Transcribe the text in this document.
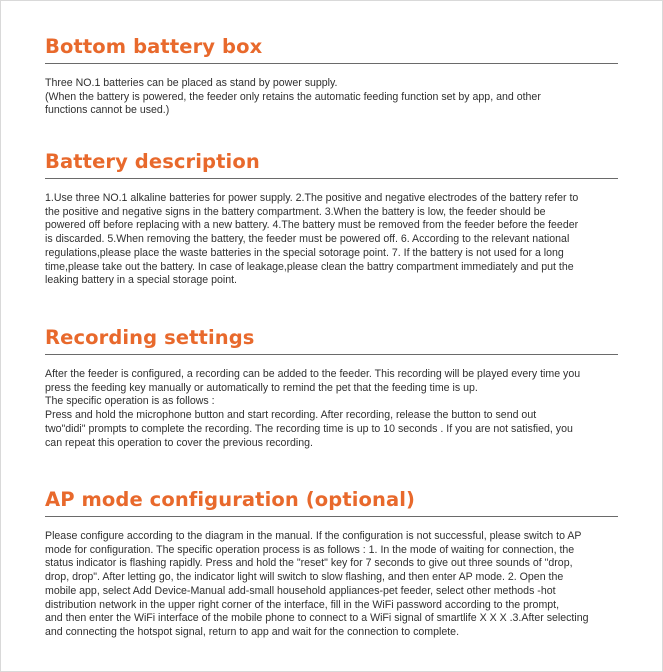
Bottom battery box

Three NO.1 batteries can be placed as stand by power supply.
(When the battery is powered, the feeder only retains the automatic feeding function set by app, and other
functions cannot be used.)

Battery description

1.Use three NO.1 alkaline batteries for power supply. 2.The positive and negative electrodes of the battery refer to
the positive and negative signs in the battery compartment. 3.When the battery is low, the feeder should be
powered off before replacing with a new battery. 4.The battery must be removed from the feeder before the feeder
is discarded. 5.When removing the battery, the feeder must be powered off. 6. According to the relevant national
regulations,please place the waste batteries in the special sotorage point. 7. If the battery is not used for a long
time,please take out the battery. In case of leakage,please clean the battry compartment immediately and put the
leaking battery in a special storage point.

Recording settings

After the feeder is configured, a recording can be added to the feeder. This recording will be played every time you
press the feeding key manually or automatically to remind the pet that the feeding time is up.
The specific operation is as follows :
Press and hold the microphone button and start recording. After recording, release the button to send out
two"didi" prompts to complete the recording. The recording time is up to 10 seconds . If you are not satisfied, you
can repeat this operation to cover the previous recording.

AP mode configuration (optional)

Please configure according to the diagram in the manual. If the configuration is not successful, please switch to AP
mode for configuration. The specific operation process is as follows : 1. In the mode of waiting for connection, the
status indicator is flashing rapidly. Press and hold the "reset" key for 7 seconds to give out three sounds of "drop,
drop, drop". After letting go, the indicator light will switch to slow flashing, and then enter AP mode. 2. Open the
mobile app, select Add Device-Manual add-small household appliances-pet feeder, select other methods -hot
distribution network in the upper right corner of the interface, fill in the WiFi password according to the prompt,
and then enter the WiFi interface of the mobile phone to connect to a WiFi signal of smartlife X X X .3.After selecting
and connecting the hotspot signal, return to app and wait for the connection to complete.
